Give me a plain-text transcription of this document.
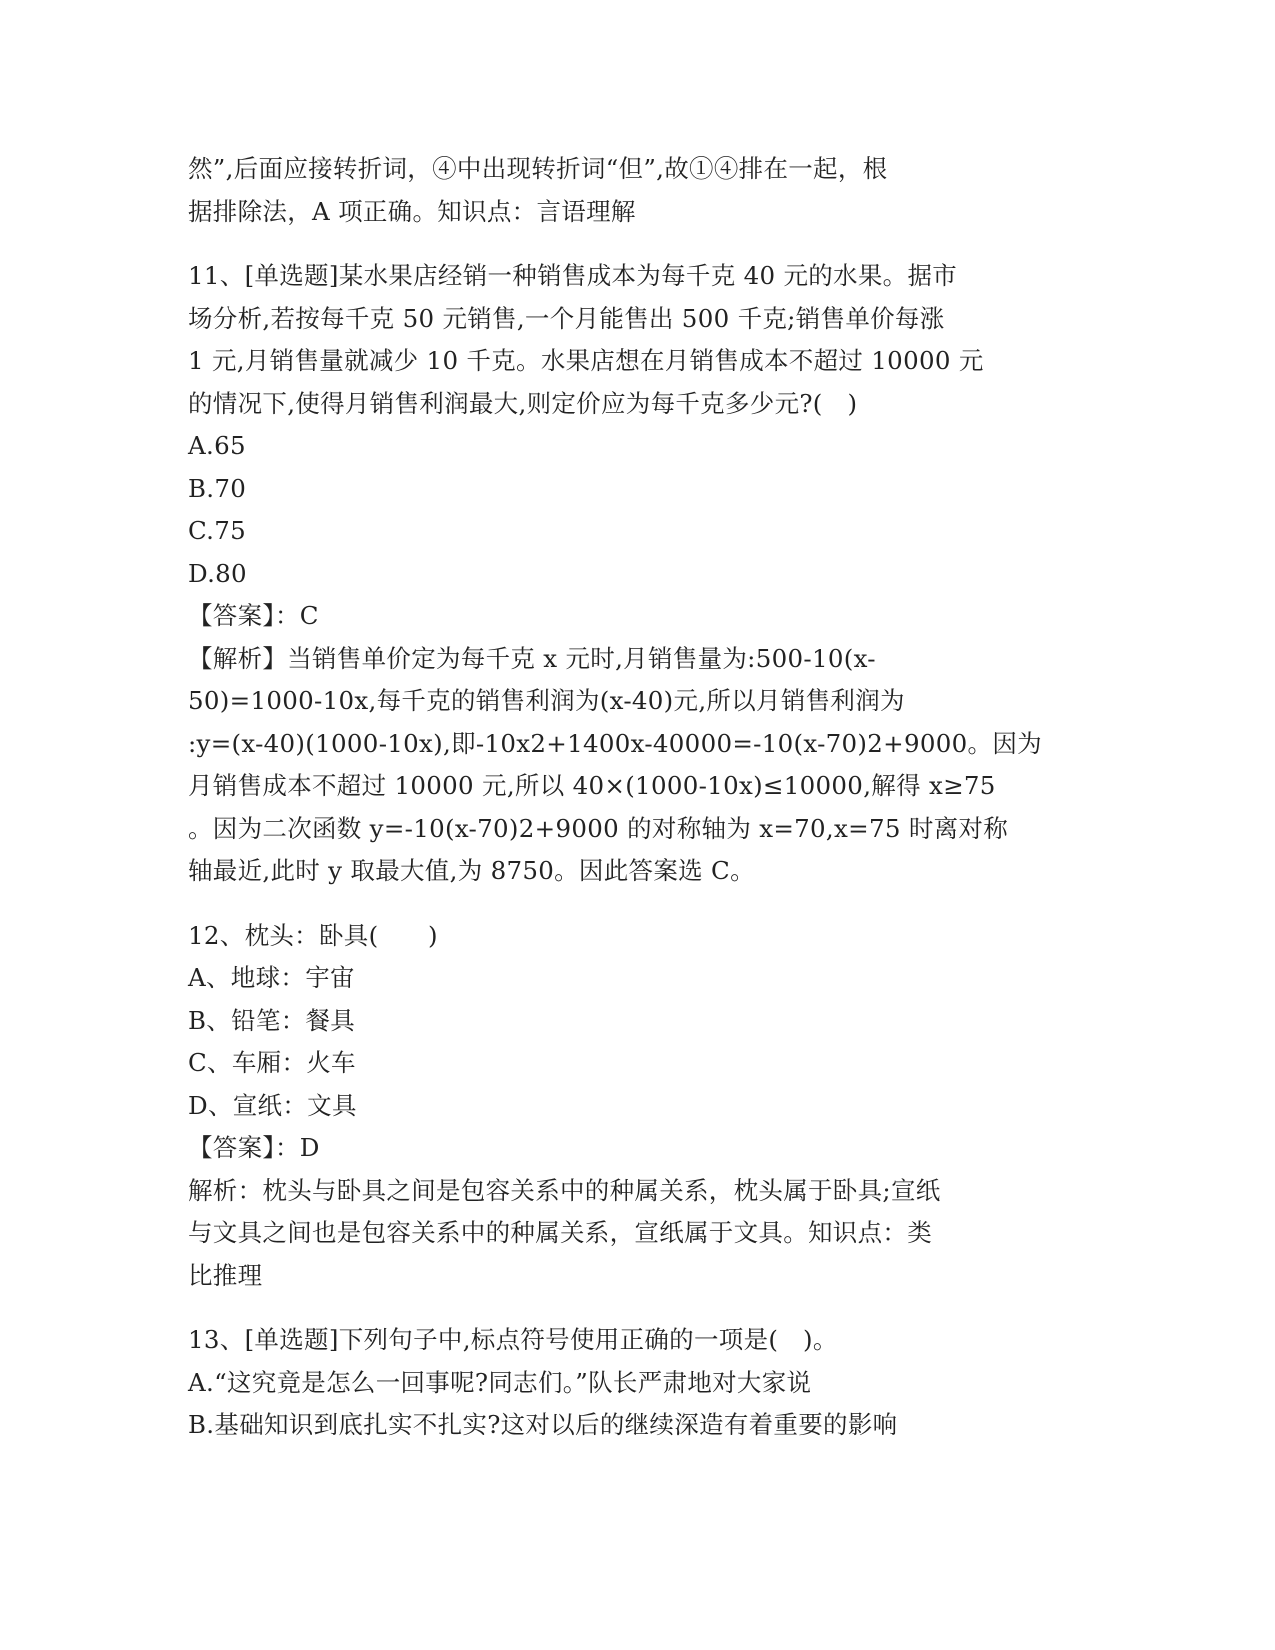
然”,后面应接转折词，④中出现转折词“但”,故①④排在一起，根
据排除法，A 项正确。知识点：言语理解
11、[单选题]某水果店经销一种销售成本为每千克 40 元的水果。据市
场分析,若按每千克 50 元销售,一个月能售出 500 千克;销售单价每涨
1 元,月销售量就减少 10 千克。水果店想在月销售成本不超过 10000 元
的情况下,使得月销售利润最大,则定价应为每千克多少元?(　)
A.65
B.70
C.75
D.80
【答案】：C
【解析】当销售单价定为每千克 x 元时,月销售量为:500-10(x-
50)=1000-10x,每千克的销售利润为(x-40)元,所以月销售利润为
:y=(x-40)(1000-10x),即-10x2+1400x-40000=-10(x-70)2+9000。因为
月销售成本不超过 10000 元,所以 40×(1000-10x)≤10000,解得 x≥75
。因为二次函数 y=-10(x-70)2+9000 的对称轴为 x=70,x=75 时离对称
轴最近,此时 y 取最大值,为 8750。因此答案选 C。
12、枕头：卧具(　　)
A、地球：宇宙
B、铅笔：餐具
C、车厢：火车
D、宣纸：文具
【答案】：D
解析：枕头与卧具之间是包容关系中的种属关系，枕头属于卧具;宣纸
与文具之间也是包容关系中的种属关系，宣纸属于文具。知识点：类
比推理
13、[单选题]下列句子中,标点符号使用正确的一项是(　)。
A.“这究竟是怎么一回事呢?同志们。”队长严肃地对大家说
B.基础知识到底扎实不扎实?这对以后的继续深造有着重要的影响
